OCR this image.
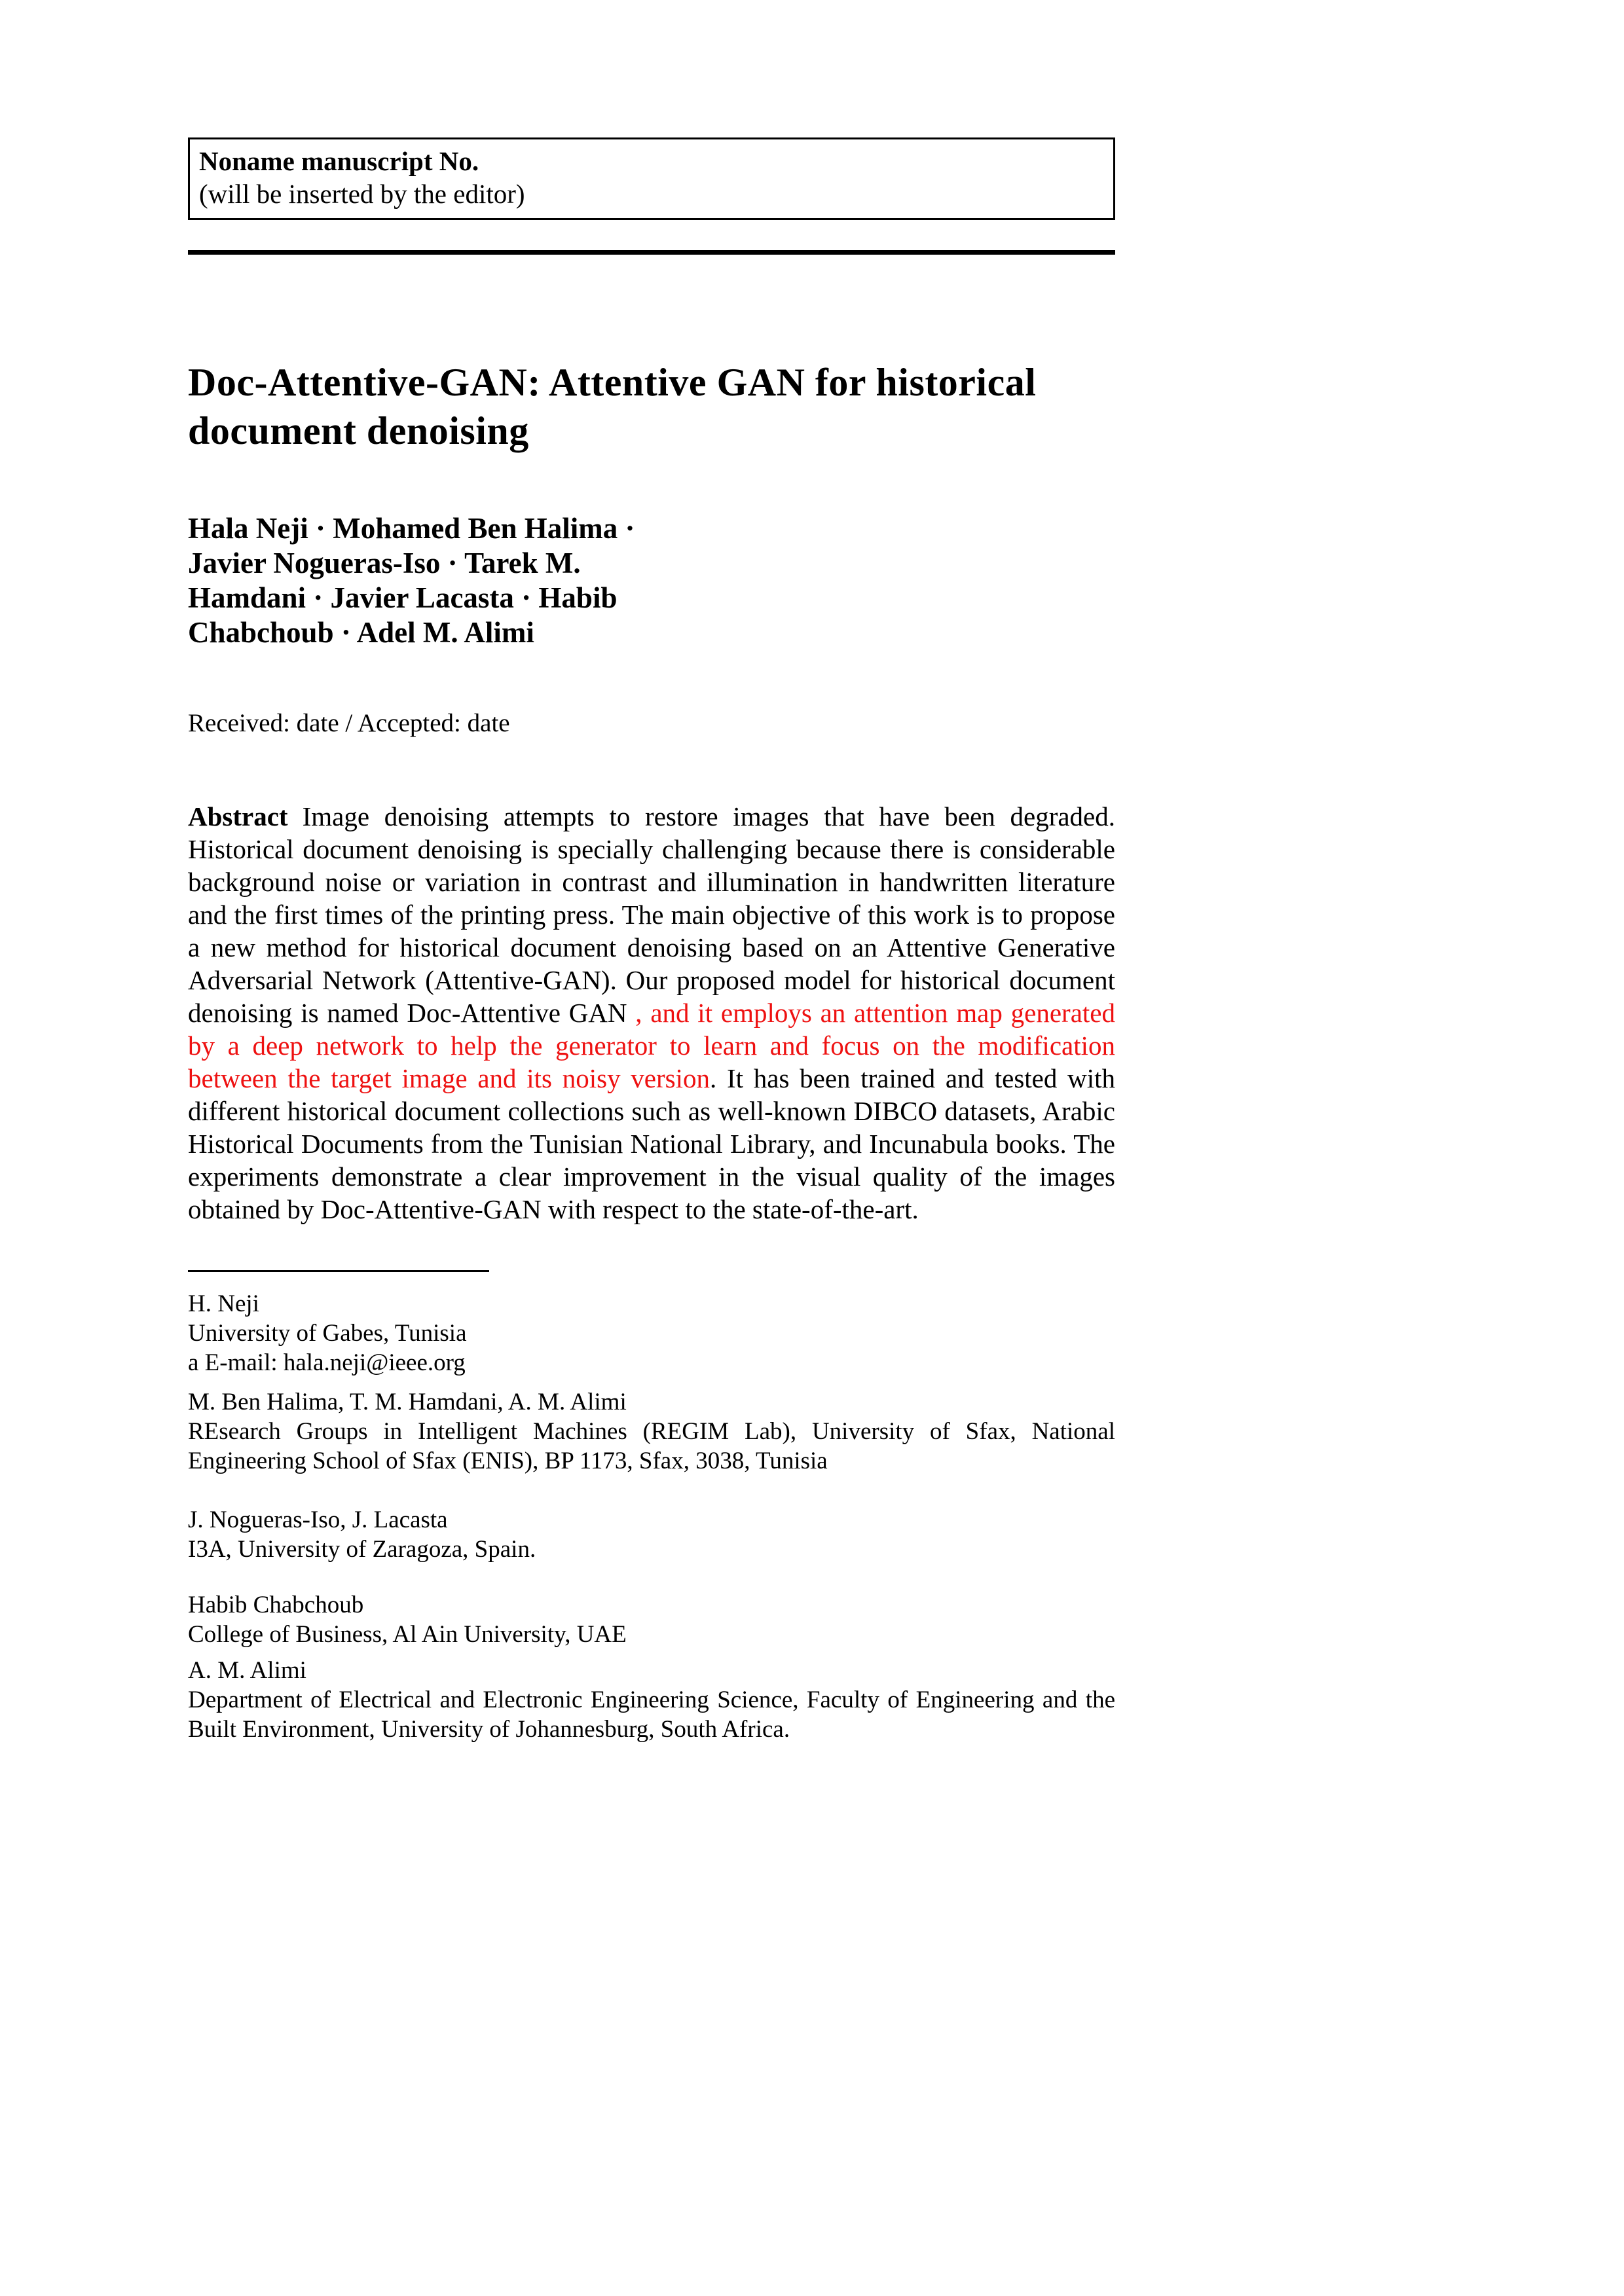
Noname manuscript No.
(will be inserted by the editor)
Doc-Attentive-GAN: Attentive GAN for historical
document denoising
Hala Neji · Mohamed Ben Halima ·
Javier Nogueras-Iso · Tarek M.
Hamdani · Javier Lacasta · Habib
Chabchoub · Adel M. Alimi
Received: date / Accepted: date

Abstract Image denoising attempts to restore images that have been degraded. Historical document denoising is specially challenging because there is considerable background noise or variation in contrast and illumination in handwritten literature and the first times of the printing press. The main objective of this work is to propose a new method for historical document denoising based on an Attentive Generative Adversarial Network (Attentive-GAN). Our proposed model for historical document denoising is named Doc-Attentive GAN , and it employs an attention map generated by a deep network to help the generator to learn and focus on the modification between the target image and its noisy version. It has been trained and tested with different historical document collections such as well-known DIBCO datasets, Arabic Historical Documents from the Tunisian National Library, and Incunabula books. The experiments demonstrate a clear improvement in the visual quality of the images obtained by Doc-Attentive-GAN with respect to the state-of-the-art.

H. Neji
University of Gabes, Tunisia
a E-mail: hala.neji@ieee.org
M. Ben Halima, T. M. Hamdani, A. M. Alimi
REsearch Groups in Intelligent Machines (REGIM Lab), University of Sfax, National Engineering School of Sfax (ENIS), BP 1173, Sfax, 3038, Tunisia
J. Nogueras-Iso, J. Lacasta
I3A, University of Zaragoza, Spain.
Habib Chabchoub
College of Business, Al Ain University, UAE
A. M. Alimi
Department of Electrical and Electronic Engineering Science, Faculty of Engineering and the Built Environment, University of Johannesburg, South Africa.
